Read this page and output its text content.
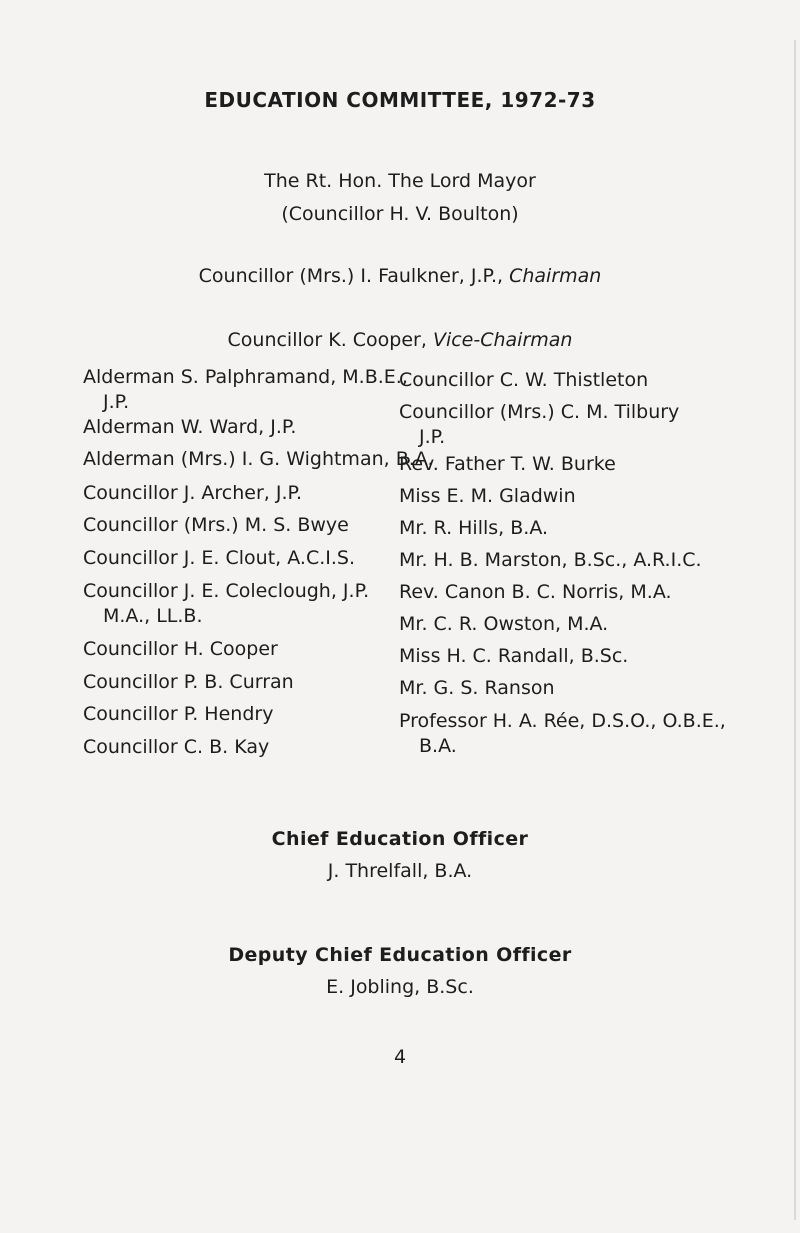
EDUCATION COMMITTEE, 1972-73
The Rt. Hon. The Lord Mayor
(Councillor H. V. Boulton)
Councillor (Mrs.) I. Faulkner, J.P., Chairman
Councillor K. Cooper, Vice-Chairman
Alderman S. Palphramand, M.B.E.,
J.P.
Alderman W. Ward, J.P.
Alderman (Mrs.) I. G. Wightman, B.A.
Councillor J. Archer, J.P.
Councillor (Mrs.) M. S. Bwye
Councillor J. E. Clout, A.C.I.S.
Councillor J. E. Coleclough, J.P.
M.A., LL.B.
Councillor H. Cooper
Councillor P. B. Curran
Councillor P. Hendry
Councillor C. B. Kay
Councillor C. W. Thistleton
Councillor (Mrs.) C. M. Tilbury
J.P.
Rev. Father T. W. Burke
Miss E. M. Gladwin
Mr. R. Hills, B.A.
Mr. H. B. Marston, B.Sc., A.R.I.C.
Rev. Canon B. C. Norris, M.A.
Mr. C. R. Owston, M.A.
Miss H. C. Randall, B.Sc.
Mr. G. S. Ranson
Professor H. A. Rée, D.S.O., O.B.E.,
B.A.
Chief Education Officer
J. Threlfall, B.A.
Deputy Chief Education Officer
E. Jobling, B.Sc.
4
